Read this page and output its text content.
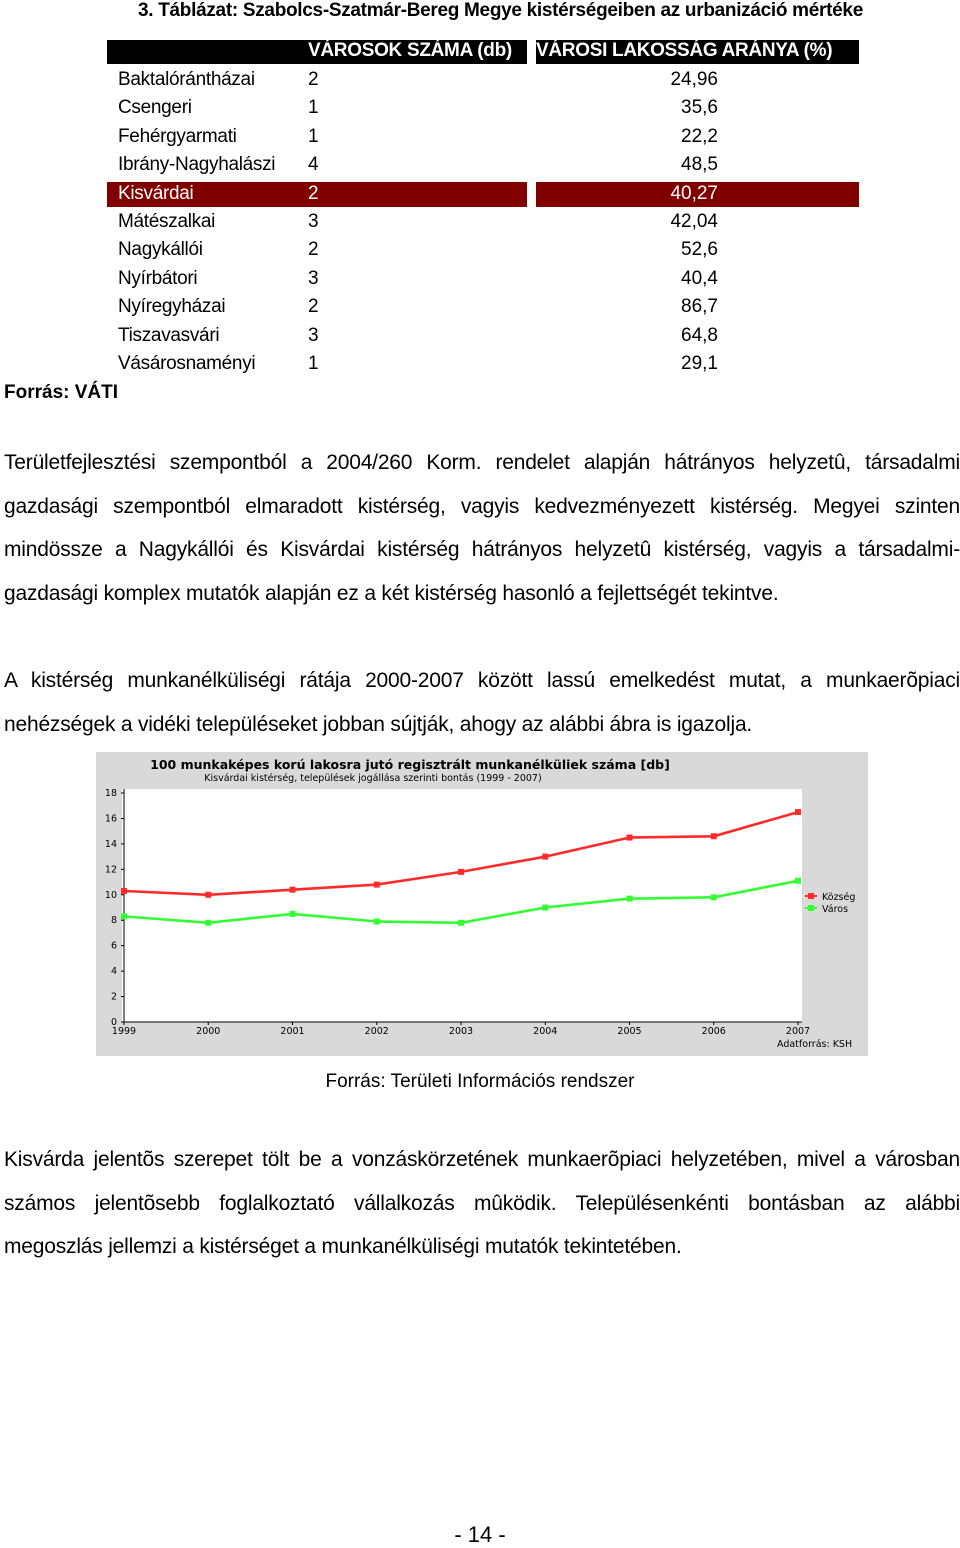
3. Táblázat: Szabolcs-Szatmár-Bereg Megye kistérségeiben az urbanizáció mértéke
VÁROSOK SZÁMA (db) VÁROSI LAKOSSÁG ARÁNYA (%)
Baktalórántházai	2	24,96
Csengeri	1	35,6
Fehérgyarmati	1	22,2
Ibrány-Nagyhalászi 4	48,5
Kisvárdai	2	40,27
Mátészalkai	3	42,04
Nagykállói	2	52,6
Nyírbátori	3	40,4
Nyíregyházai	2	86,7
Tiszavasvári	3	64,8
Vásárosnaményi	1	29,1
Forrás: VÁTI
Területfejlesztési szempontból a 2004/260 Korm. rendelet alapján hátrányos helyzetû, társadalmi
gazdasági szempontból elmaradott kistérség, vagyis kedvezményezett kistérség. Megyei szinten
mindössze a Nagykállói és Kisvárdai kistérség hátrányos helyzetû kistérség, vagyis a társadalmi-
gazdasági komplex mutatók alapján ez a két kistérség hasonló a fejlettségét tekintve.
A kistérség munkanélküliségi rátája 2000-2007 között lassú emelkedést mutat, a munkaerõpiaci
nehézségek a vidéki településeket jobban sújtják, ahogy az alábbi ábra is igazolja.
100 munkaképes korú lakosra jutó regisztrált munkanélküliek száma [db]
Kisvárdai kistérség, települések jogállása szerinti bontás (1999 - 2007)
0
2
4
6
8
10
12
14
16
18
1999	2000	2001	2002	2003	2004	2005	2006	2007
Község
Város
Adatforrás: KSH
Forrás: Területi Információs rendszer
Kisvárda jelentõs szerepet tölt be a vonzáskörzetének munkaerõpiaci helyzetében, mivel a városban
számos jelentõsebb foglalkoztató vállalkozás mûködik. Településenkénti bontásban az alábbi
megoszlás jellemzi a kistérséget a munkanélküliségi mutatók tekintetében.
- 14 -
